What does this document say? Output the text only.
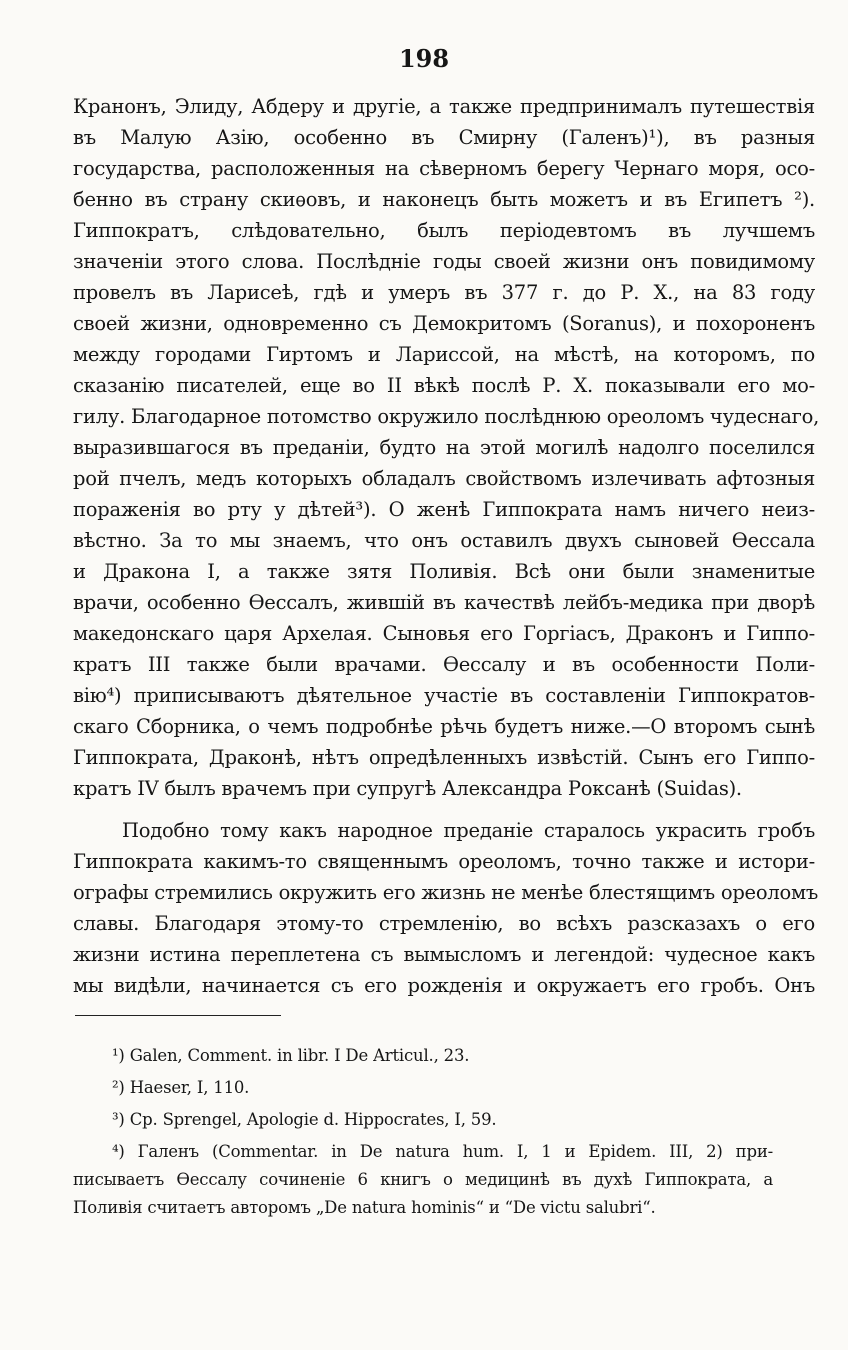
198
Кранонъ, Элиду, Абдеру и другіе, а также предпринималъ путешествія
въ Малую Азію, особенно въ Смирну (Галенъ)¹), въ разныя
государства, расположенныя на сѣверномъ берегу Чернаго моря, осо-
бенно въ страну скиѳовъ, и наконецъ быть можетъ и въ Египетъ ²).
Гиппократъ, слѣдовательно, былъ періодевтомъ въ лучшемъ
значеніи этого слова. Послѣдніе годы своей жизни онъ повидимому
провелъ въ Ларисеѣ, гдѣ и умеръ въ 377 г. до Р. X., на 83 году
своей жизни, одновременно съ Демокритомъ (Soranus), и похороненъ
между городами Гиртомъ и Лариссой, на мѣстѣ, на которомъ, по
сказанію писателей, еще во II вѣкѣ послѣ Р. X. показывали его мо-
гилу. Благодарное потомство окружило послѣднюю ореоломъ чудеснаго,
выразившагося въ преданіи, будто на этой могилѣ надолго поселился
рой пчелъ, медъ которыхъ обладалъ свойствомъ излечивать афтозныя
пораженія во рту у дѣтей³). О женѣ Гиппократа намъ ничего неиз-
вѣстно. За то мы знаемъ, что онъ оставилъ двухъ сыновей Ѳессала
и Дракона I, а также зятя Поливія. Всѣ они были знаменитые
врачи, особенно Ѳессалъ, жившій въ качествѣ лейбъ-медика при дворѣ
македонскаго царя Архелая. Сыновья его Горгіасъ, Драконъ и Гиппо-
кратъ III также были врачами. Ѳессалу и въ особенности Поли-
вію⁴) приписываютъ дѣятельное участіе въ составленіи Гиппократов-
скаго Сборника, о чемъ подробнѣе рѣчь будетъ ниже.—О второмъ сынѣ
Гиппократа, Драконѣ, нѣтъ опредѣленныхъ извѣстій. Сынъ его Гиппо-
кратъ IV былъ врачемъ при супругѣ Александра Роксанѣ (Suidas).
Подобно тому какъ народное преданіе старалось украсить гробъ
Гиппократа какимъ-то священнымъ ореоломъ, точно также и истори-
ографы стремились окружить его жизнь не менѣе блестящимъ ореоломъ
славы. Благодаря этому-то стремленію, во всѣхъ разсказахъ о его
жизни истина переплетена съ вымысломъ и легендой: чудесное какъ
мы видѣли, начинается съ его рожденія и окружаетъ его гробъ. Онъ
¹) Galen, Comment. in libr. I De Articul., 23.
²) Haeser, I, 110.
³) Cp. Sprengel, Apologie d. Hippocrates, I, 59.
⁴) Галенъ (Commentar. in De natura hum. I, 1 и Epidem. III, 2) при-
писываетъ Ѳессалу сочиненіе 6 книгъ о медицинѣ въ духѣ Гиппократа, а
Поливія считаетъ авторомъ „De natura hominis“ и “De victu salubri“.
